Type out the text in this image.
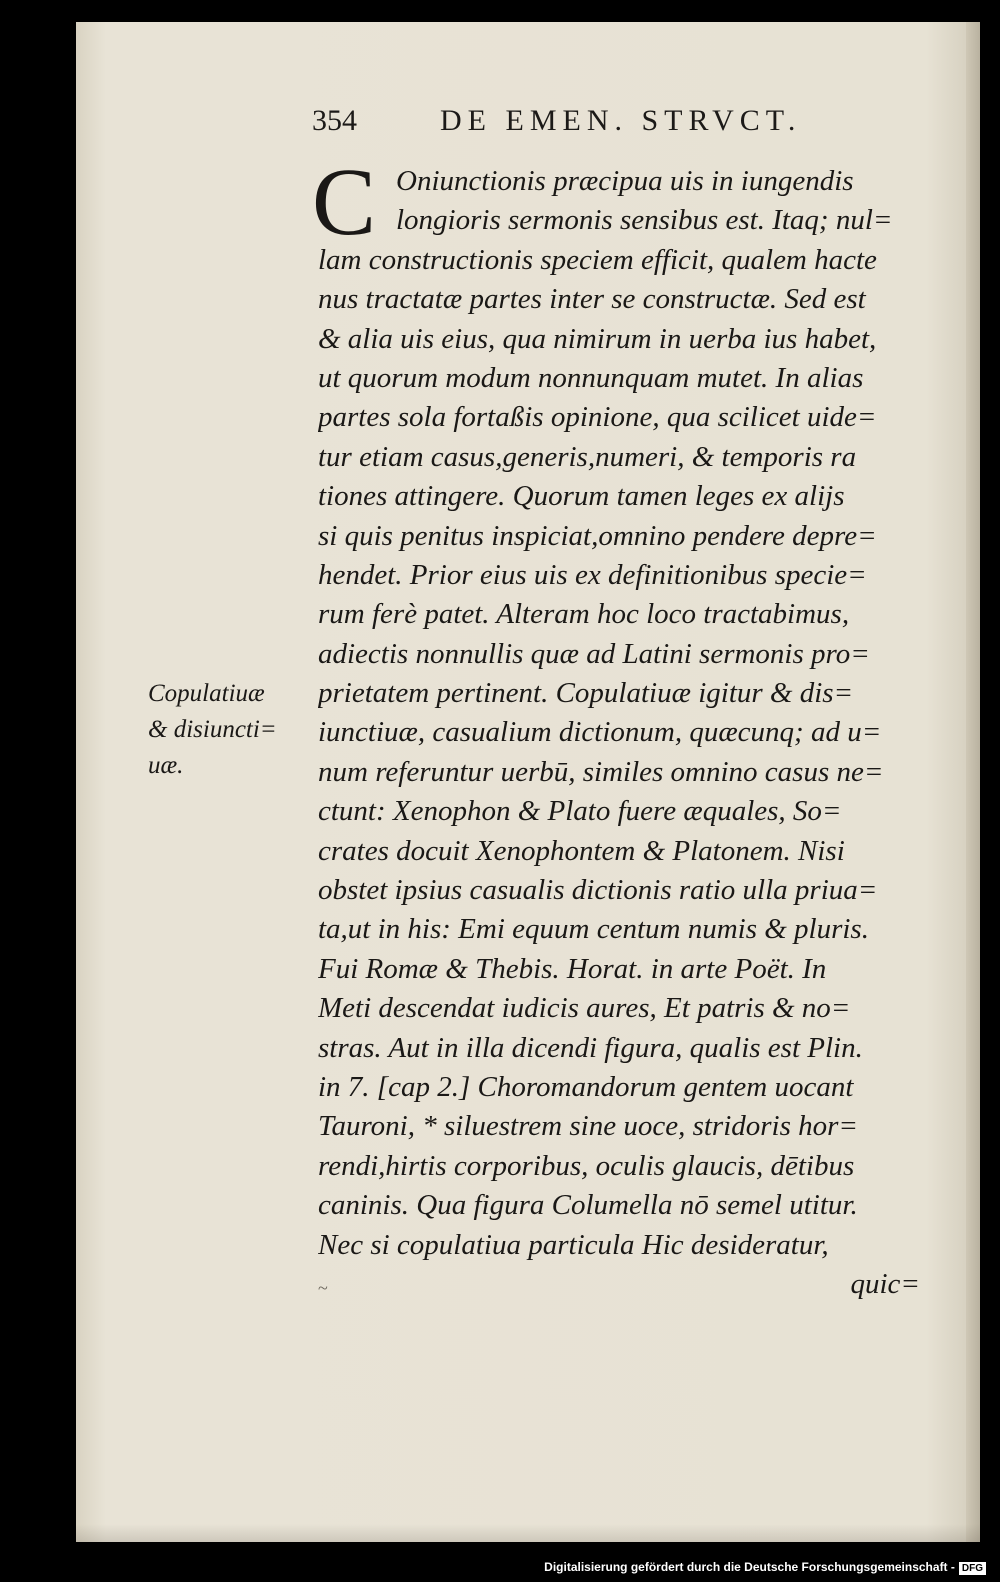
354	DE EMEN. STRVCT.
Copulatiuæ
& disiuncti=
uæ.
C Oniunctionis præcipua uis in iungendis
longioris sermonis sensibus est. Itaq; nul=
lam constructionis speciem efficit, qualem hacte
nus tractatæ partes inter se constructæ. Sed est
& alia uis eius, qua nimirum in uerba ius habet,
ut quorum modum nonnunquam mutet. In alias
partes sola fortaßis opinione, qua scilicet uide=
tur etiam casus,generis,numeri, & temporis ra
tiones attingere. Quorum tamen leges ex alijs
si quis penitus inspiciat,omnino pendere depre=
hendet. Prior eius uis ex definitionibus specie=
rum ferè patet. Alteram hoc loco tractabimus,
adiectis nonnullis quæ ad Latini sermonis pro=
prietatem pertinent. Copulatiuæ igitur & dis=
iunctiuæ, casualium dictionum, quæcunq; ad u=
num referuntur uerbū, similes omnino casus ne=
ctunt: Xenophon & Plato fuere æquales, So=
crates docuit Xenophontem & Platonem. Nisi
obstet ipsius casualis dictionis ratio ulla priua=
ta,ut in his: Emi equum centum numis & pluris.
Fui Romæ & Thebis. Horat. in arte Poët. In
Meti descendat iudicis aures, Et patris & no=
stras. Aut in illa dicendi figura, qualis est Plin.
in 7. [cap 2.] Choromandorum gentem uocant
Tauroni, * siluestrem sine uoce, stridoris hor=
rendi,hirtis corporibus, oculis glaucis, dētibus
caninis. Qua figura Columella nō semel utitur.
Nec si copulatiua particula Hic desideratur,
quic=
~
Digitalisierung gefördert durch die Deutsche Forschungsgemeinschaft - DFG
